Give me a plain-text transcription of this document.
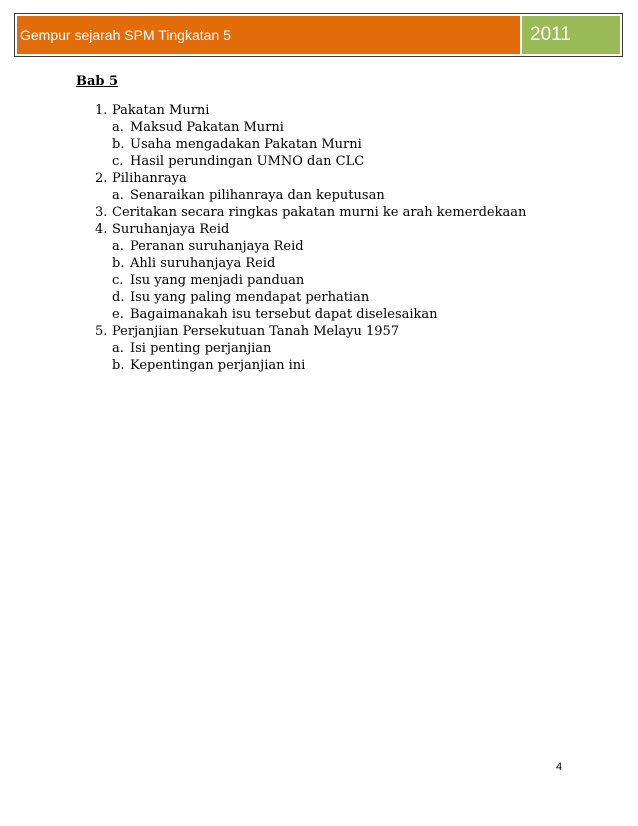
Gempur sejarah SPM Tingkatan 5	2011
Bab 5
1. Pakatan Murni
a. Maksud Pakatan Murni
b. Usaha mengadakan Pakatan Murni
c. Hasil perundingan UMNO dan CLC
2. Pilihanraya
a. Senaraikan pilihanraya dan keputusan
3. Ceritakan secara ringkas pakatan murni ke arah kemerdekaan
4. Suruhanjaya Reid
a. Peranan suruhanjaya Reid
b. Ahli suruhanjaya Reid
c. Isu yang menjadi panduan
d. Isu yang paling mendapat perhatian
e. Bagaimanakah isu tersebut dapat diselesaikan
5. Perjanjian Persekutuan Tanah Melayu 1957
a. Isi penting perjanjian
b. Kepentingan perjanjian ini
4
